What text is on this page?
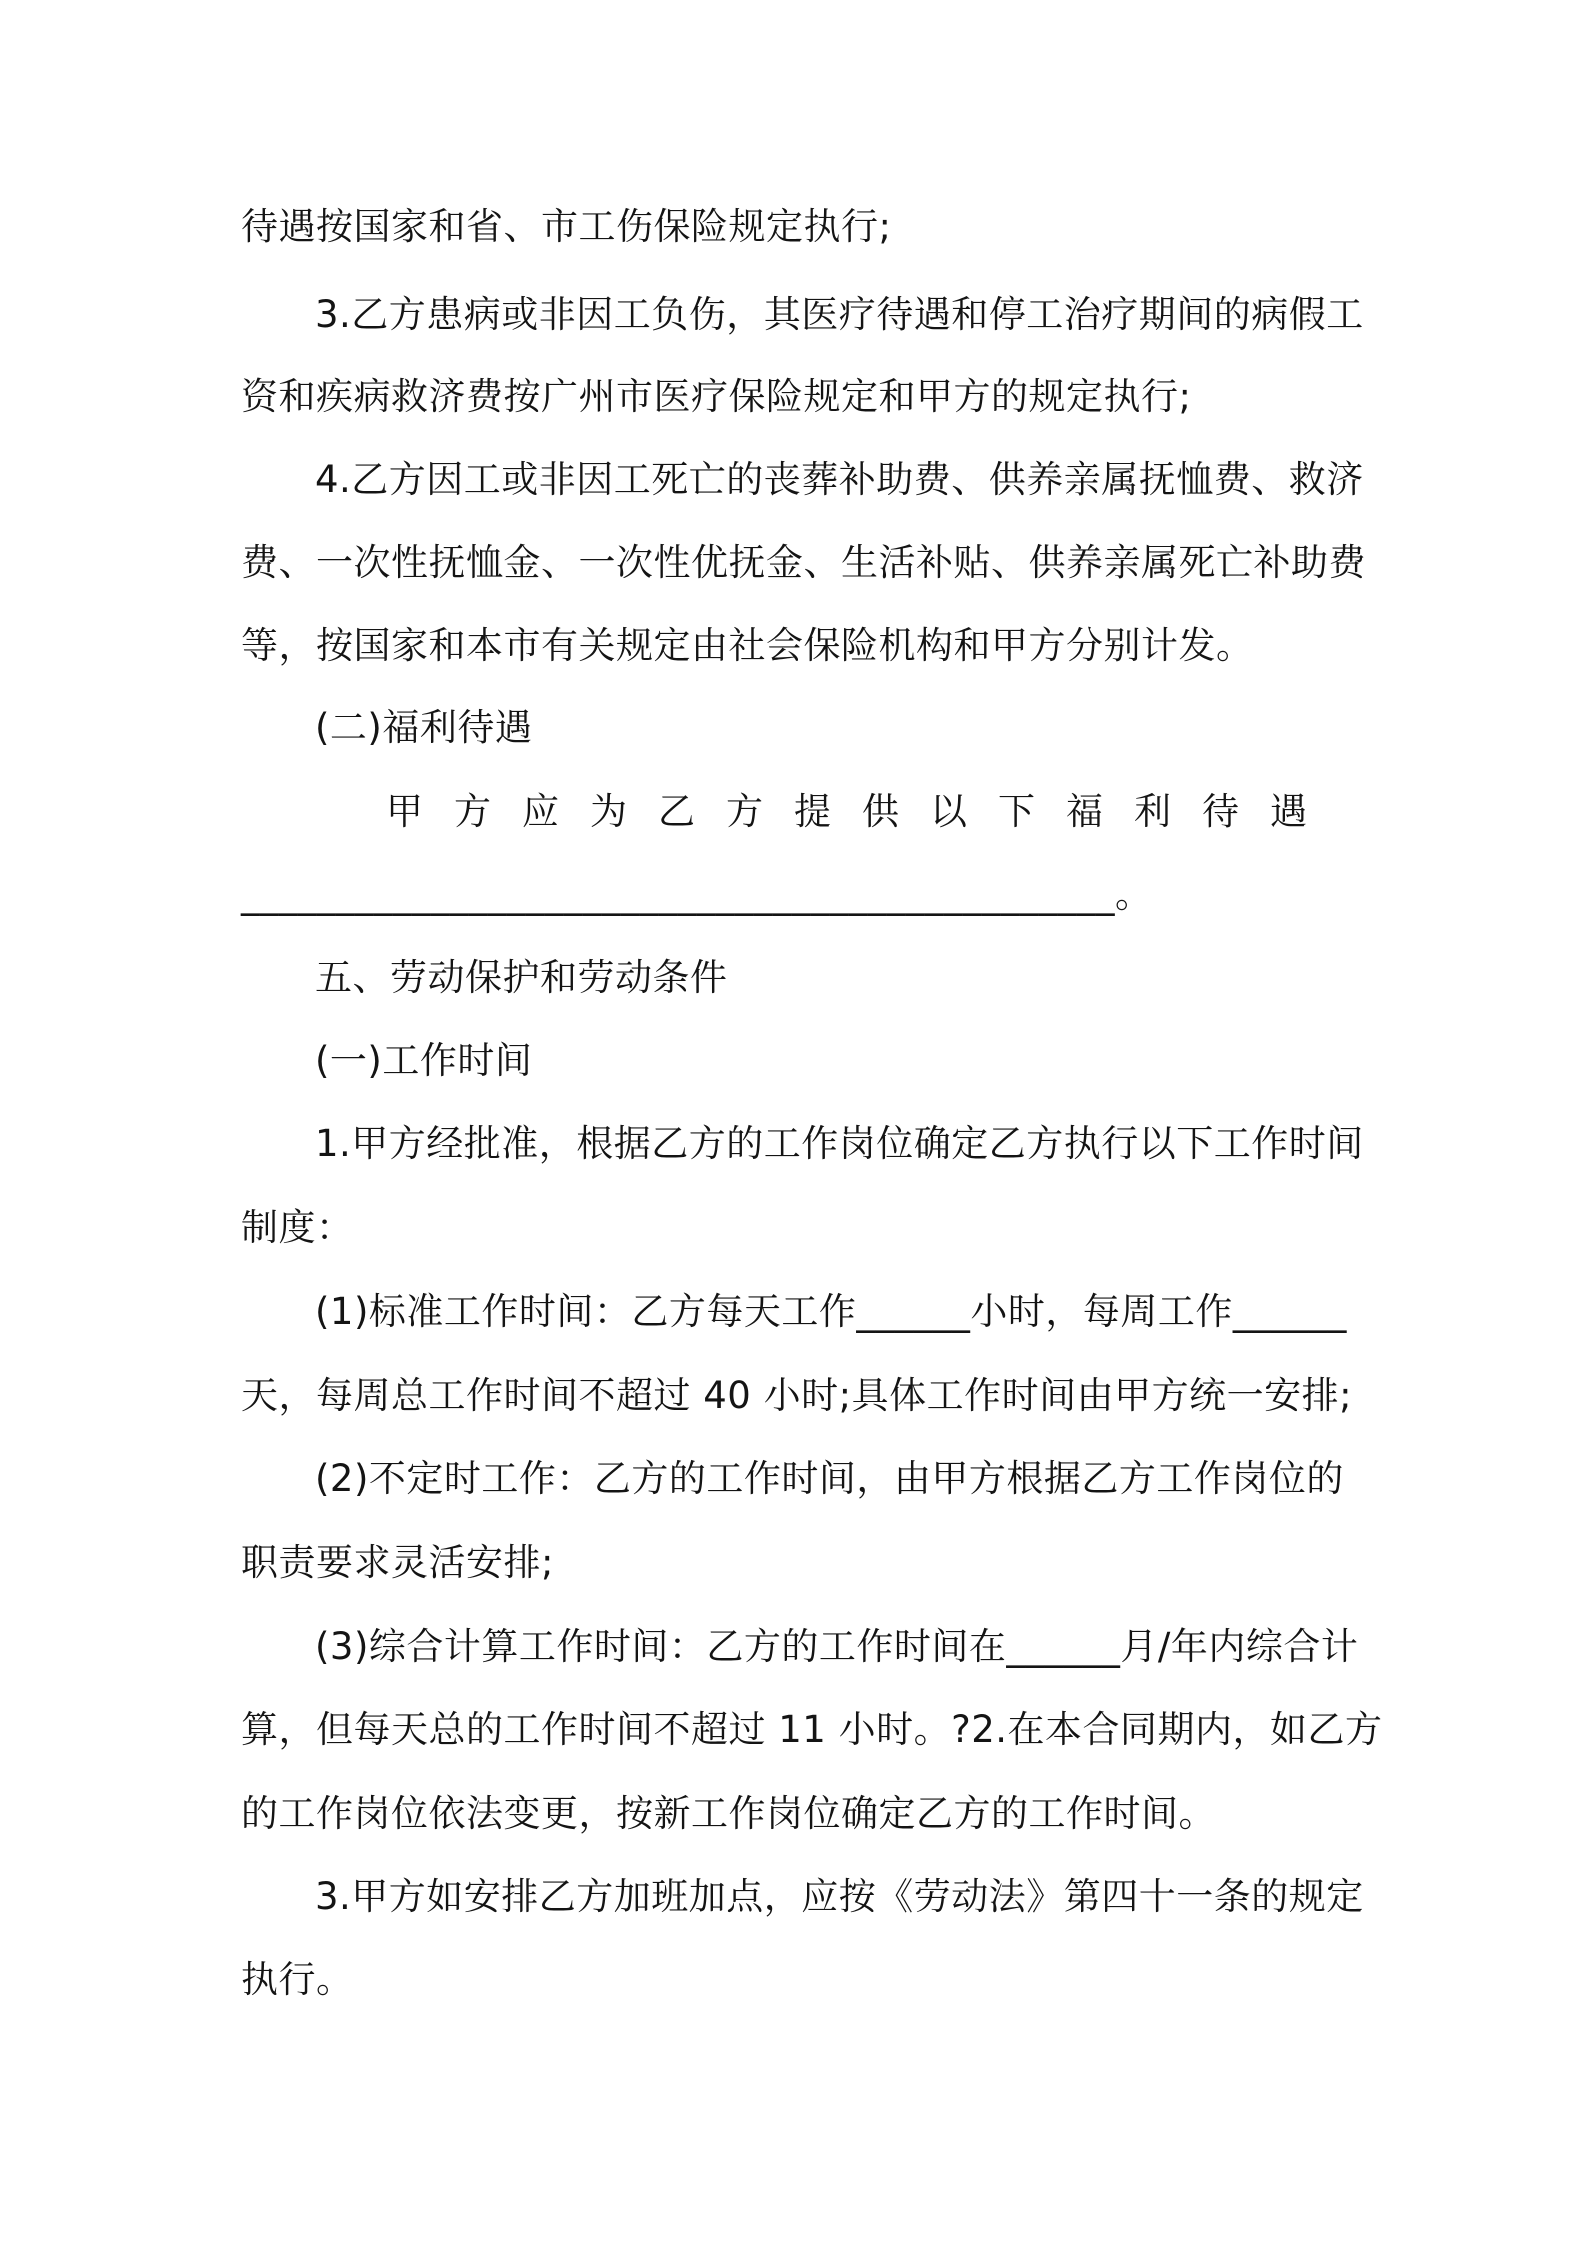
待遇按国家和省、市工伤保险规定执行;
3.乙方患病或非因工负伤，其医疗待遇和停工治疗期间的病假工
资和疾病救济费按广州市医疗保险规定和甲方的规定执行;
4.乙方因工或非因工死亡的丧葬补助费、供养亲属抚恤费、救济
费、一次性抚恤金、一次性优抚金、生活补贴、供养亲属死亡补助费
等，按国家和本市有关规定由社会保险机构和甲方分别计发。
(二)福利待遇
甲方应为乙方提供以下福利待遇
______________________________________________。
五、劳动保护和劳动条件
(一)工作时间
1.甲方经批准，根据乙方的工作岗位确定乙方执行以下工作时间
制度：
(1)标准工作时间：乙方每天工作______小时，每周工作______
天，每周总工作时间不超过 40 小时;具体工作时间由甲方统一安排;
(2)不定时工作：乙方的工作时间，由甲方根据乙方工作岗位的
职责要求灵活安排;
(3)综合计算工作时间：乙方的工作时间在______月/年内综合计
算，但每天总的工作时间不超过 11 小时。?2.在本合同期内，如乙方
的工作岗位依法变更，按新工作岗位确定乙方的工作时间。
3.甲方如安排乙方加班加点，应按《劳动法》第四十一条的规定
执行。
